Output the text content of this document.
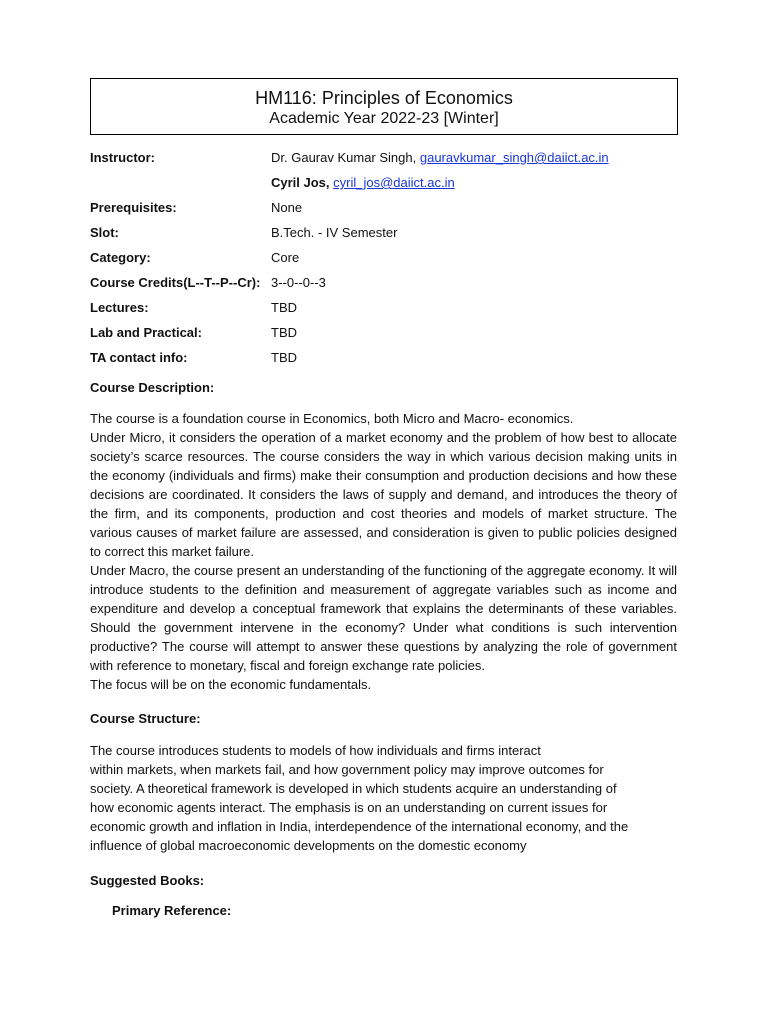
HM116: Principles of Economics
Academic Year 2022-23 [Winter]
Instructor:	Dr. Gaurav Kumar Singh, gauravkumar_singh@daiict.ac.in
Cyril Jos, cyril_jos@daiict.ac.in
Prerequisites:	None
Slot:	B.Tech. - IV Semester
Category:	Core
Course Credits(L--T--P--Cr): 3--0--0--3
Lectures:	TBD
Lab and Practical:	TBD
TA contact info:	TBD
Course Description:

The course is a foundation course in Economics, both Micro and Macro- economics.

Under Micro, it considers the operation of a market economy and the problem of how best to allocate society’s scarce resources. The course considers the way in which various decision making units in the economy (individuals and firms) make their consumption and production decisions and how these decisions are coordinated. It considers the laws of supply and demand, and introduces the theory of the firm, and its components, production and cost theories and models of market structure. The various causes of market failure are assessed, and consideration is given to public policies designed to correct this market failure.

Under Macro, the course present an understanding of the functioning of the aggregate economy. It will introduce students to the definition and measurement of aggregate variables such as income and expenditure and develop a conceptual framework that explains the determinants of these variables. Should the government intervene in the economy? Under what conditions is such intervention productive? The course will attempt to answer these questions by analyzing the role of government with reference to monetary, fiscal and foreign exchange rate policies.

The focus will be on the economic fundamentals.

Course Structure:

The course introduces students to models of how individuals and firms interact

within markets, when markets fail, and how government policy may improve outcomes for

society. A theoretical framework is developed in which students acquire an understanding of

how economic agents interact. The emphasis is on an understanding on current issues for

economic growth and inflation in India, interdependence of the international economy, and the

influence of global macroeconomic developments on the domestic economy

Suggested Books:
Primary Reference:
